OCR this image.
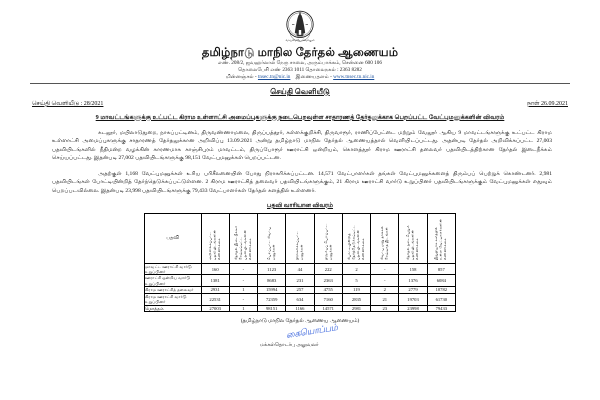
வாய்மையே வெல்லும்
தமிழ்நாடு மாநில தேர்தல் ஆணையம்
எண். 208/2, ஜவஹர்லால் நேரு சாலை, அரும்பாக்கம், சென்னை 600 106
தொலைபேசி எண் 2363 1011 தொலைநகல் : 2363 8282
மின்னஞ்சல் - tnsec.tn@nic.in இணையதளம் - www.tnsec.tn.nic.in
செய்தி வெளியீடு
செய்தி வெளியீடு : 28/2021	நாள் 26.09.2021
9 மாவட்டங்களுக்கு உட்பட்ட கிராம உள்ளாட்சி அமைப்புகளுக்கு நடைபெறவுள்ள சாதாரணத் தேர்தலுக்காக பெறப்பட்ட வேட்புமனுக்களின் விவரம்

கடலூர், மயிலாடுதுறை, நாகப்பட்டினம், திருவண்ணாமலை, திருப்பத்தூர், கள்ளக்குறிச்சி, திருவாரூர், ராணிப்பேட்டை மற்றும் வேலூர் ஆகிய 9 மாவட்டங்களுக்கு உட்பட்ட கிராம உள்ளாட்சி அமைப்புகளுக்கு சாதாரணத் தேர்தலுக்கான அறிவிப்பு 13.09.2021 அன்று தமிழ்நாடு மாநில தேர்தல் ஆணையத்தால் வெளியிடப்பட்டது. அதன்படி தேர்தல் அறிவிக்கப்பட்ட 27,003 பதவியிடங்களில் நீதிமன்ற வழக்கின் காரணமாக காஞ்சிபுரம் மாவட்டம், திருப்போரூர் ஊராட்சி ஒன்றியம், கொளத்தூர் கிராம ஊராட்சி தலைவர் பதவியிடத்திற்கான தேர்தல் இடைநீக்கம் செய்யப்பட்டது. இதன்படி 27,002 பதவியிடங்களுக்கு 98,151 வேட்புமனுக்கள் பெறப்பட்டன.

அதற்குள் 1,168 வேட்புமனுக்கள் உரிய பரிசீலனையின் போது நிராகரிக்கப்பட்டன. 14,571 வேட்பாளர்கள் தங்கள் வேட்புமனுக்களைத் திரும்பப் பெற்றுக் கொண்டனர். 2,981 பதவியிடங்கள் போட்டியின்றித் தேர்ந்தெடுக்கப்பட்டுள்ளன. 2 கிராம ஊராட்சித் தலைவர் பதவியிடங்களுக்கும், 21 கிராம ஊராட்சி வார்டு உறுப்பினர் பதவியிடங்களுக்கும் வேட்புமனுக்கள் எதுவும் பெறப்படவில்லை. இதன்படி 23,998 பதவியிடங்களுக்கு 79,433 வேட்பாளர்கள் தேர்தல் களத்தில் உள்ளனர்.

பதவி வாரியான விவரம்
பதவி	அறிவிக்கப்பட்ட பதவியிடங்களின் எண்ணிக்கை	தேர்தல் இடைநீக்கம் செய்யப்பட்ட பதவியிடங்களின் எண்ணிக்கை	பெறப்பட்ட வேட்பு மனுக்கள்	நிராகரிக்கப்பட்ட மனுக்கள்	திரும்பப் பெறப்பட்ட மனுக்கள்	போட்டியின்றித் தேர்ந்தெடுக்கப்பட்ட பதவியிடங்களின் எண்ணிக்கை	வேட்பு மனு தாக்கல் செய்யாத இடங்கள்	தேர்தல் நடைபெறும் பதவியிடங்களின் எண்ணிக்கை	இறுதியாக களத்தில் உள்ள வேட்பாளர்களின் எண்ணிக்கை

மாவட்ட ஊராட்சி வார்டு உறுப்பினர்	160	-	1123	44	222	2	-	158	857
ஊராட்சி ஒன்றிய வார்டு உறுப்பினர்	1381	-	8683	231	2363	5	-	1376	6084
கிராம ஊராட்சித் தலைவர்	2931	1	15994	257	4755	119	2	2779	10782
கிராம ஊராட்சி வார்டு உறுப்பினர்	22531	-	72359	634	7160	2835	21	19703	61730
மொத்தம்	27003	1	98151	1166	14571	2981	23	23998	79433
(தமிழ்நாடு மாநில தேர்தல் ஆணைய ஆணையம்)
கையொப்பம்
மக்கள்தொடர்பு அலுவலர்
